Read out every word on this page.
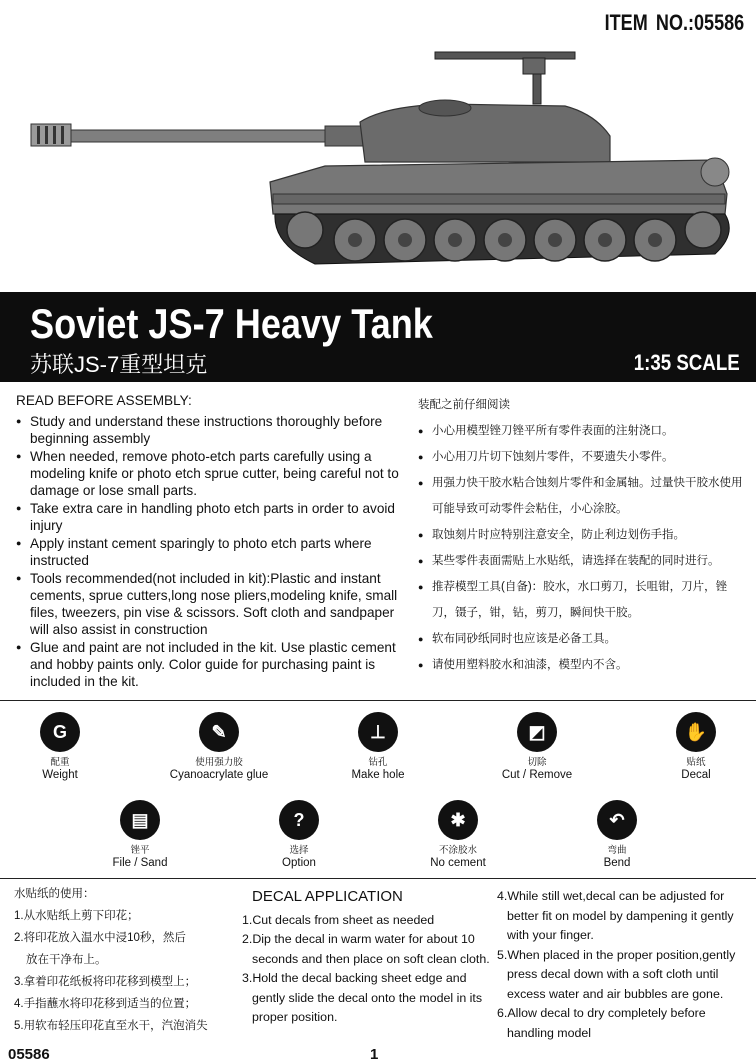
ITEM NO.:05586
Soviet JS-7 Heavy Tank
苏联JS-7重型坦克	1:35 SCALE
READ BEFORE ASSEMBLY:
● Study and understand these instructions thoroughly before beginning assembly
● When needed, remove photo-etch parts carefully using a modeling knife or photo etch sprue cutter, being careful not to damage or lose small parts.
● Take extra care in handling photo etch parts in order to avoid injury
● Apply instant cement sparingly to photo etch parts where instructed
● Tools recommended(not included in kit):Plastic and instant cements, sprue cutters,long nose pliers,modeling knife, small files, tweezers, pin vise & scissors. Soft cloth and sandpaper will also assist in construction
● Glue and paint are not included in the kit. Use plastic cement and hobby paints only. Color guide for purchasing paint is included in the kit.
装配之前仔细阅读
● 小心用模型锉刀锉平所有零件表面的注射浇口。
● 小心用刀片切下蚀刻片零件，不要遗失小零件。
● 用强力快干胶水粘合蚀刻片零件和金属轴。过量快干胶水使用可能导致可动零件会粘住，小心涂胶。
● 取蚀刻片时应特别注意安全，防止利边划伤手指。
● 某些零件表面需贴上水贴纸，请选择在装配的同时进行。
● 推荐模型工具(自备)：胶水，水口剪刀，长咀钳，刀片，锉刀，镊子，钳，钻，剪刀，瞬间快干胶。
● 软布同砂纸同时也应该是必备工具。
● 请使用塑料胶水和油漆，模型内不含。
G
配重
Weight
✎
使用强力胶
Cyanoacrylate glue
⊥
钻孔
Make hole
◩
切除
Cut / Remove
✋
贴纸
Decal
▤
锉平
File / Sand
?
选择
Option
✱
不涂胶水
No cement
↶
弯曲
Bend
水贴纸的使用：
1.从水贴纸上剪下印花；
2.将印花放入温水中浸10秒，然后
放在干净布上。
3.拿着印花纸板将印花移到模型上；
4.手指蘸水将印花移到适当的位置；
5.用软布轻压印花直至水干，汽泡消失
DECAL APPLICATION
1.Cut decals from sheet as needed
2.Dip the decal in warm water for about 10 seconds and then place on soft clean cloth.
3.Hold the decal backing sheet edge and gently slide the decal onto the model in its proper position.
4.While still wet,decal can be adjusted for better fit on model by dampening it gently with your finger.
5.When placed in the proper position,gently press decal down with a soft cloth until excess water and air bubbles are gone.
6.Allow decal to dry completely before handling model
05586	1
